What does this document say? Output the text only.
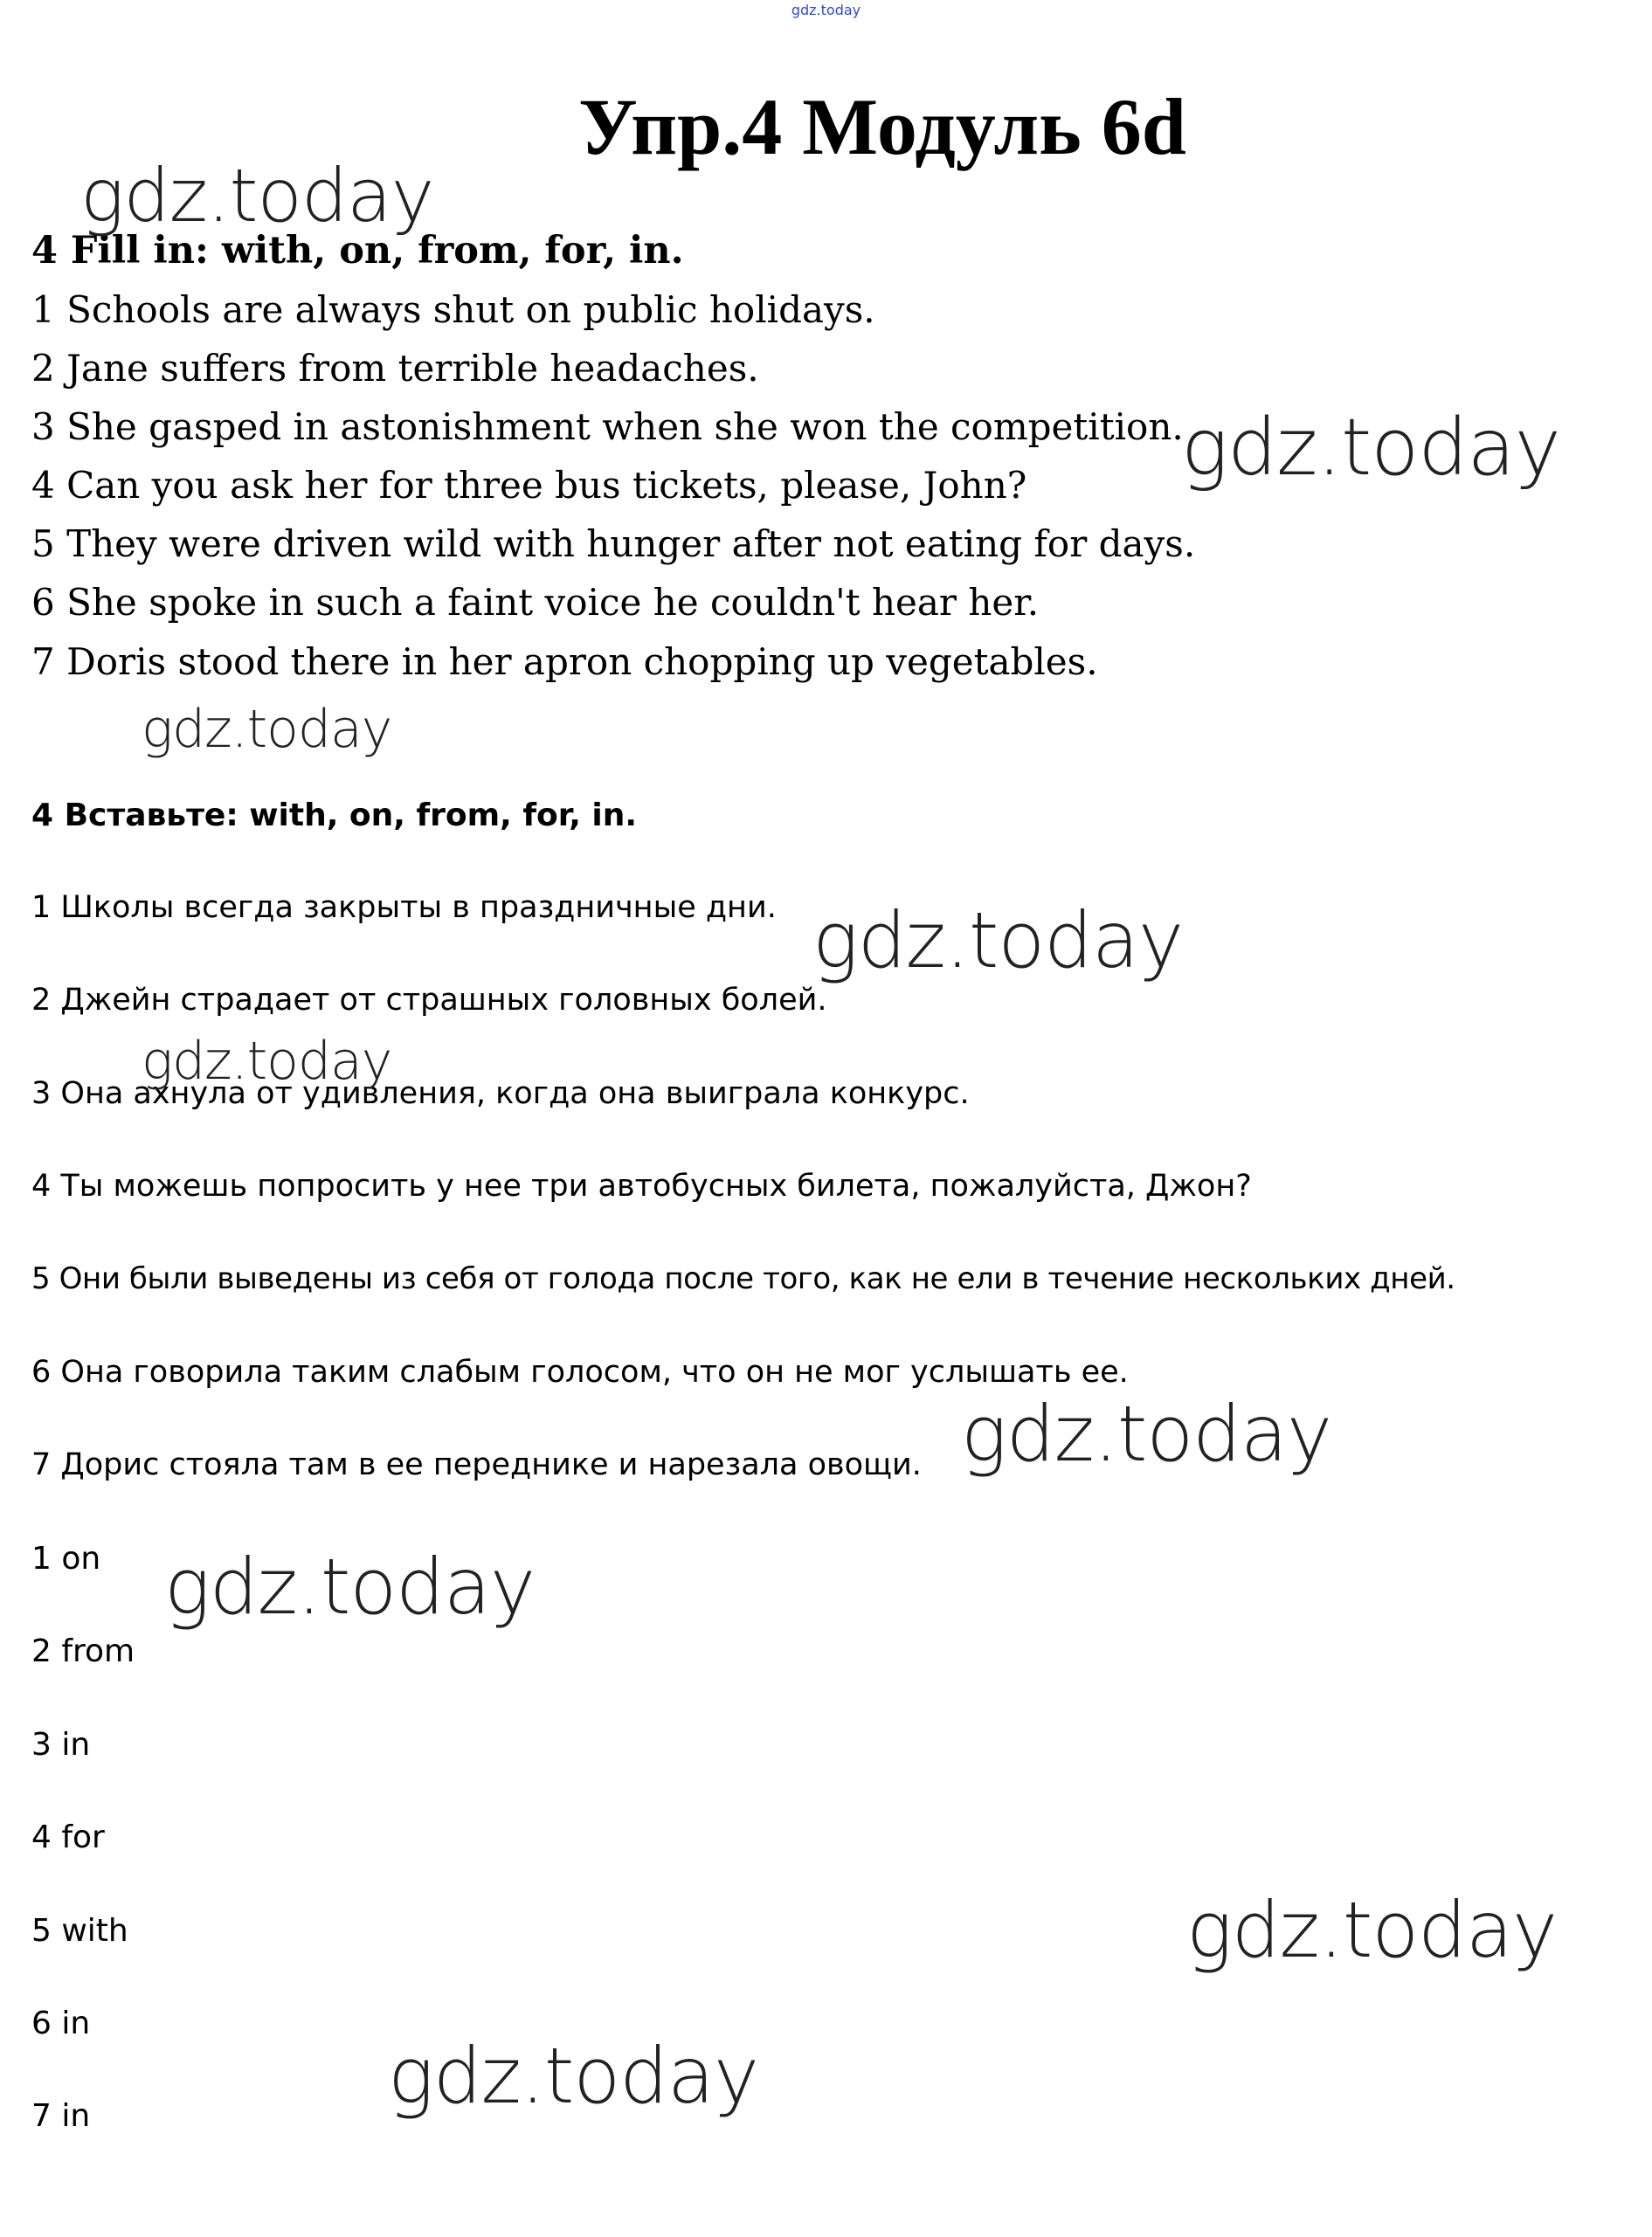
gdz.today
Упр.4 Модуль 6d
4 Fill in: with, on, from, for, in.
1 Schools are always shut on public holidays.
2 Jane suffers from terrible headaches.
3 She gasped in astonishment when she won the competition.
4 Can you ask her for three bus tickets, please, John?
5 They were driven wild with hunger after not eating for days.
6 She spoke in such a faint voice he couldn't hear her.
7 Doris stood there in her apron chopping up vegetables.
4 Вставьте: with, on, from, for, in.
1 Школы всегда закрыты в праздничные дни.
2 Джейн страдает от страшных головных болей.
3 Она ахнула от удивления, когда она выиграла конкурс.
4 Ты можешь попросить у нее три автобусных билета, пожалуйста, Джон?
5 Они были выведены из себя от голода после того, как не ели в течение нескольких дней.
6 Она говорила таким слабым голосом, что он не мог услышать ее.
7 Дорис стояла там в ее переднике и нарезала овощи.
1 on
2 from
3 in
4 for
5 with
6 in
7 in
gdz.today
gdz.today
gdz.today
gdz.today
gdz.today
gdz.today
gdz.today
gdz.today
gdz.today
